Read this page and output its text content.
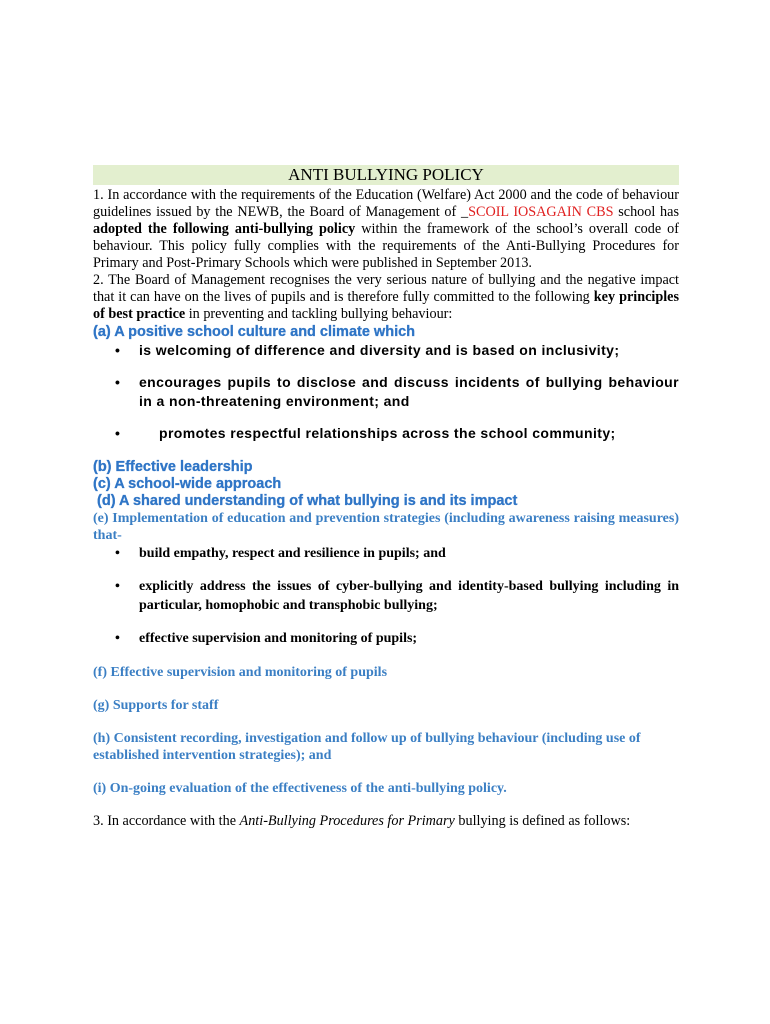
ANTI BULLYING POLICY
1. In accordance with the requirements of the Education (Welfare) Act 2000 and the code of behaviour guidelines issued by the NEWB, the Board of Management of _SCOIL IOSAGAIN CBS school has adopted the following anti-bullying policy within the framework of the school’s overall code of behaviour. This policy fully complies with the requirements of the Anti-Bullying Procedures for Primary and Post-Primary Schools which were published in September 2013.
2. The Board of Management recognises the very serious nature of bullying and the negative impact that it can have on the lives of pupils and is therefore fully committed to the following key principles of best practice in preventing and tackling bullying behaviour:
(a) A positive school culture and climate which
• is welcoming of difference and diversity and is based on inclusivity;
• encourages pupils to disclose and discuss incidents of bullying behaviour in a non-threatening environment; and
•	promotes respectful relationships across the school community;
(b) Effective leadership
(c) A school-wide approach
(d) A shared understanding of what bullying is and its impact
(e) Implementation of education and prevention strategies (including awareness raising measures) that-
• build empathy, respect and resilience in pupils; and
• explicitly address the issues of cyber-bullying and identity-based bullying including in particular, homophobic and transphobic bullying;
• effective supervision and monitoring of pupils;
(f) Effective supervision and monitoring of pupils
(g) Supports for staff
(h) Consistent recording, investigation and follow up of bullying behaviour (including use of established intervention strategies); and
(i) On-going evaluation of the effectiveness of the anti-bullying policy.
3. In accordance with the Anti-Bullying Procedures for Primary bullying is defined as follows:
